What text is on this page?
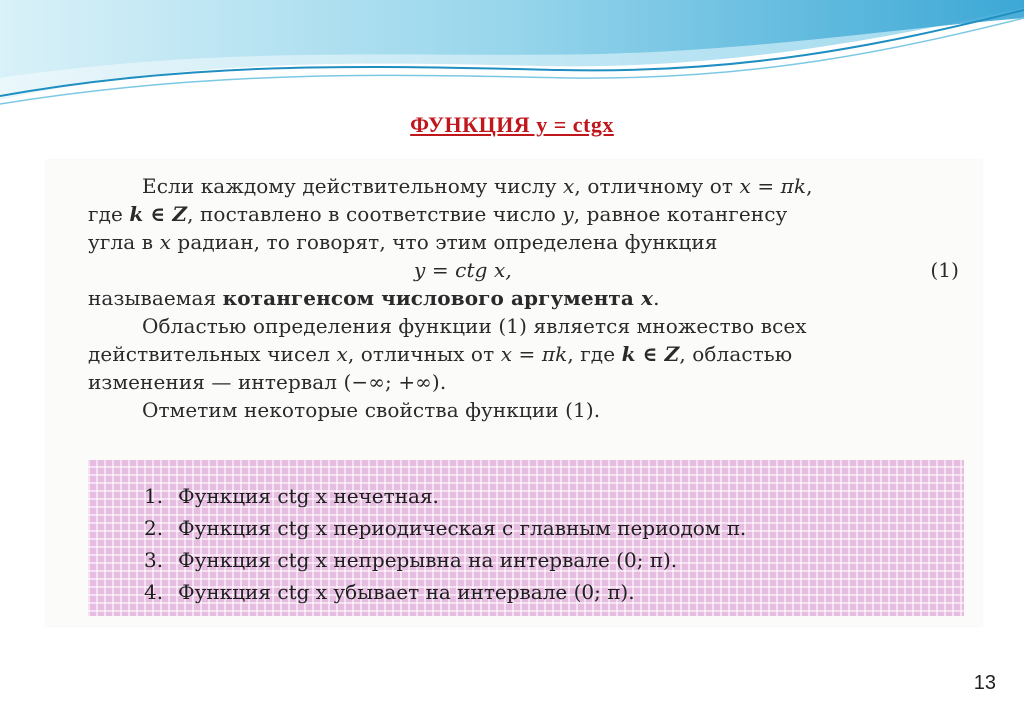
ФУНКЦИЯ y = ctgx

Если каждому действительному числу x, отличному от x = πk,

где k ∈ Z, поставлено в соответствие число y, равное котангенсу

угла в x радиан, то говорят, что этим определена функция

y = ctg x,	(1)

называемая котангенсом числового аргумента x.

Областью определения функции (1) является множество всех

действительных чисел x, отличных от x = πk, где k ∈ Z, областью

изменения — интервал (−∞; +∞).

Отметим некоторые свойства функции (1).

1. Функция ctg x нечетная.
2. Функция ctg x периодическая с главным периодом π.
3. Функция ctg x непрерывна на интервале (0; π).
4. Функция ctg x убывает на интервале (0; π).
13
